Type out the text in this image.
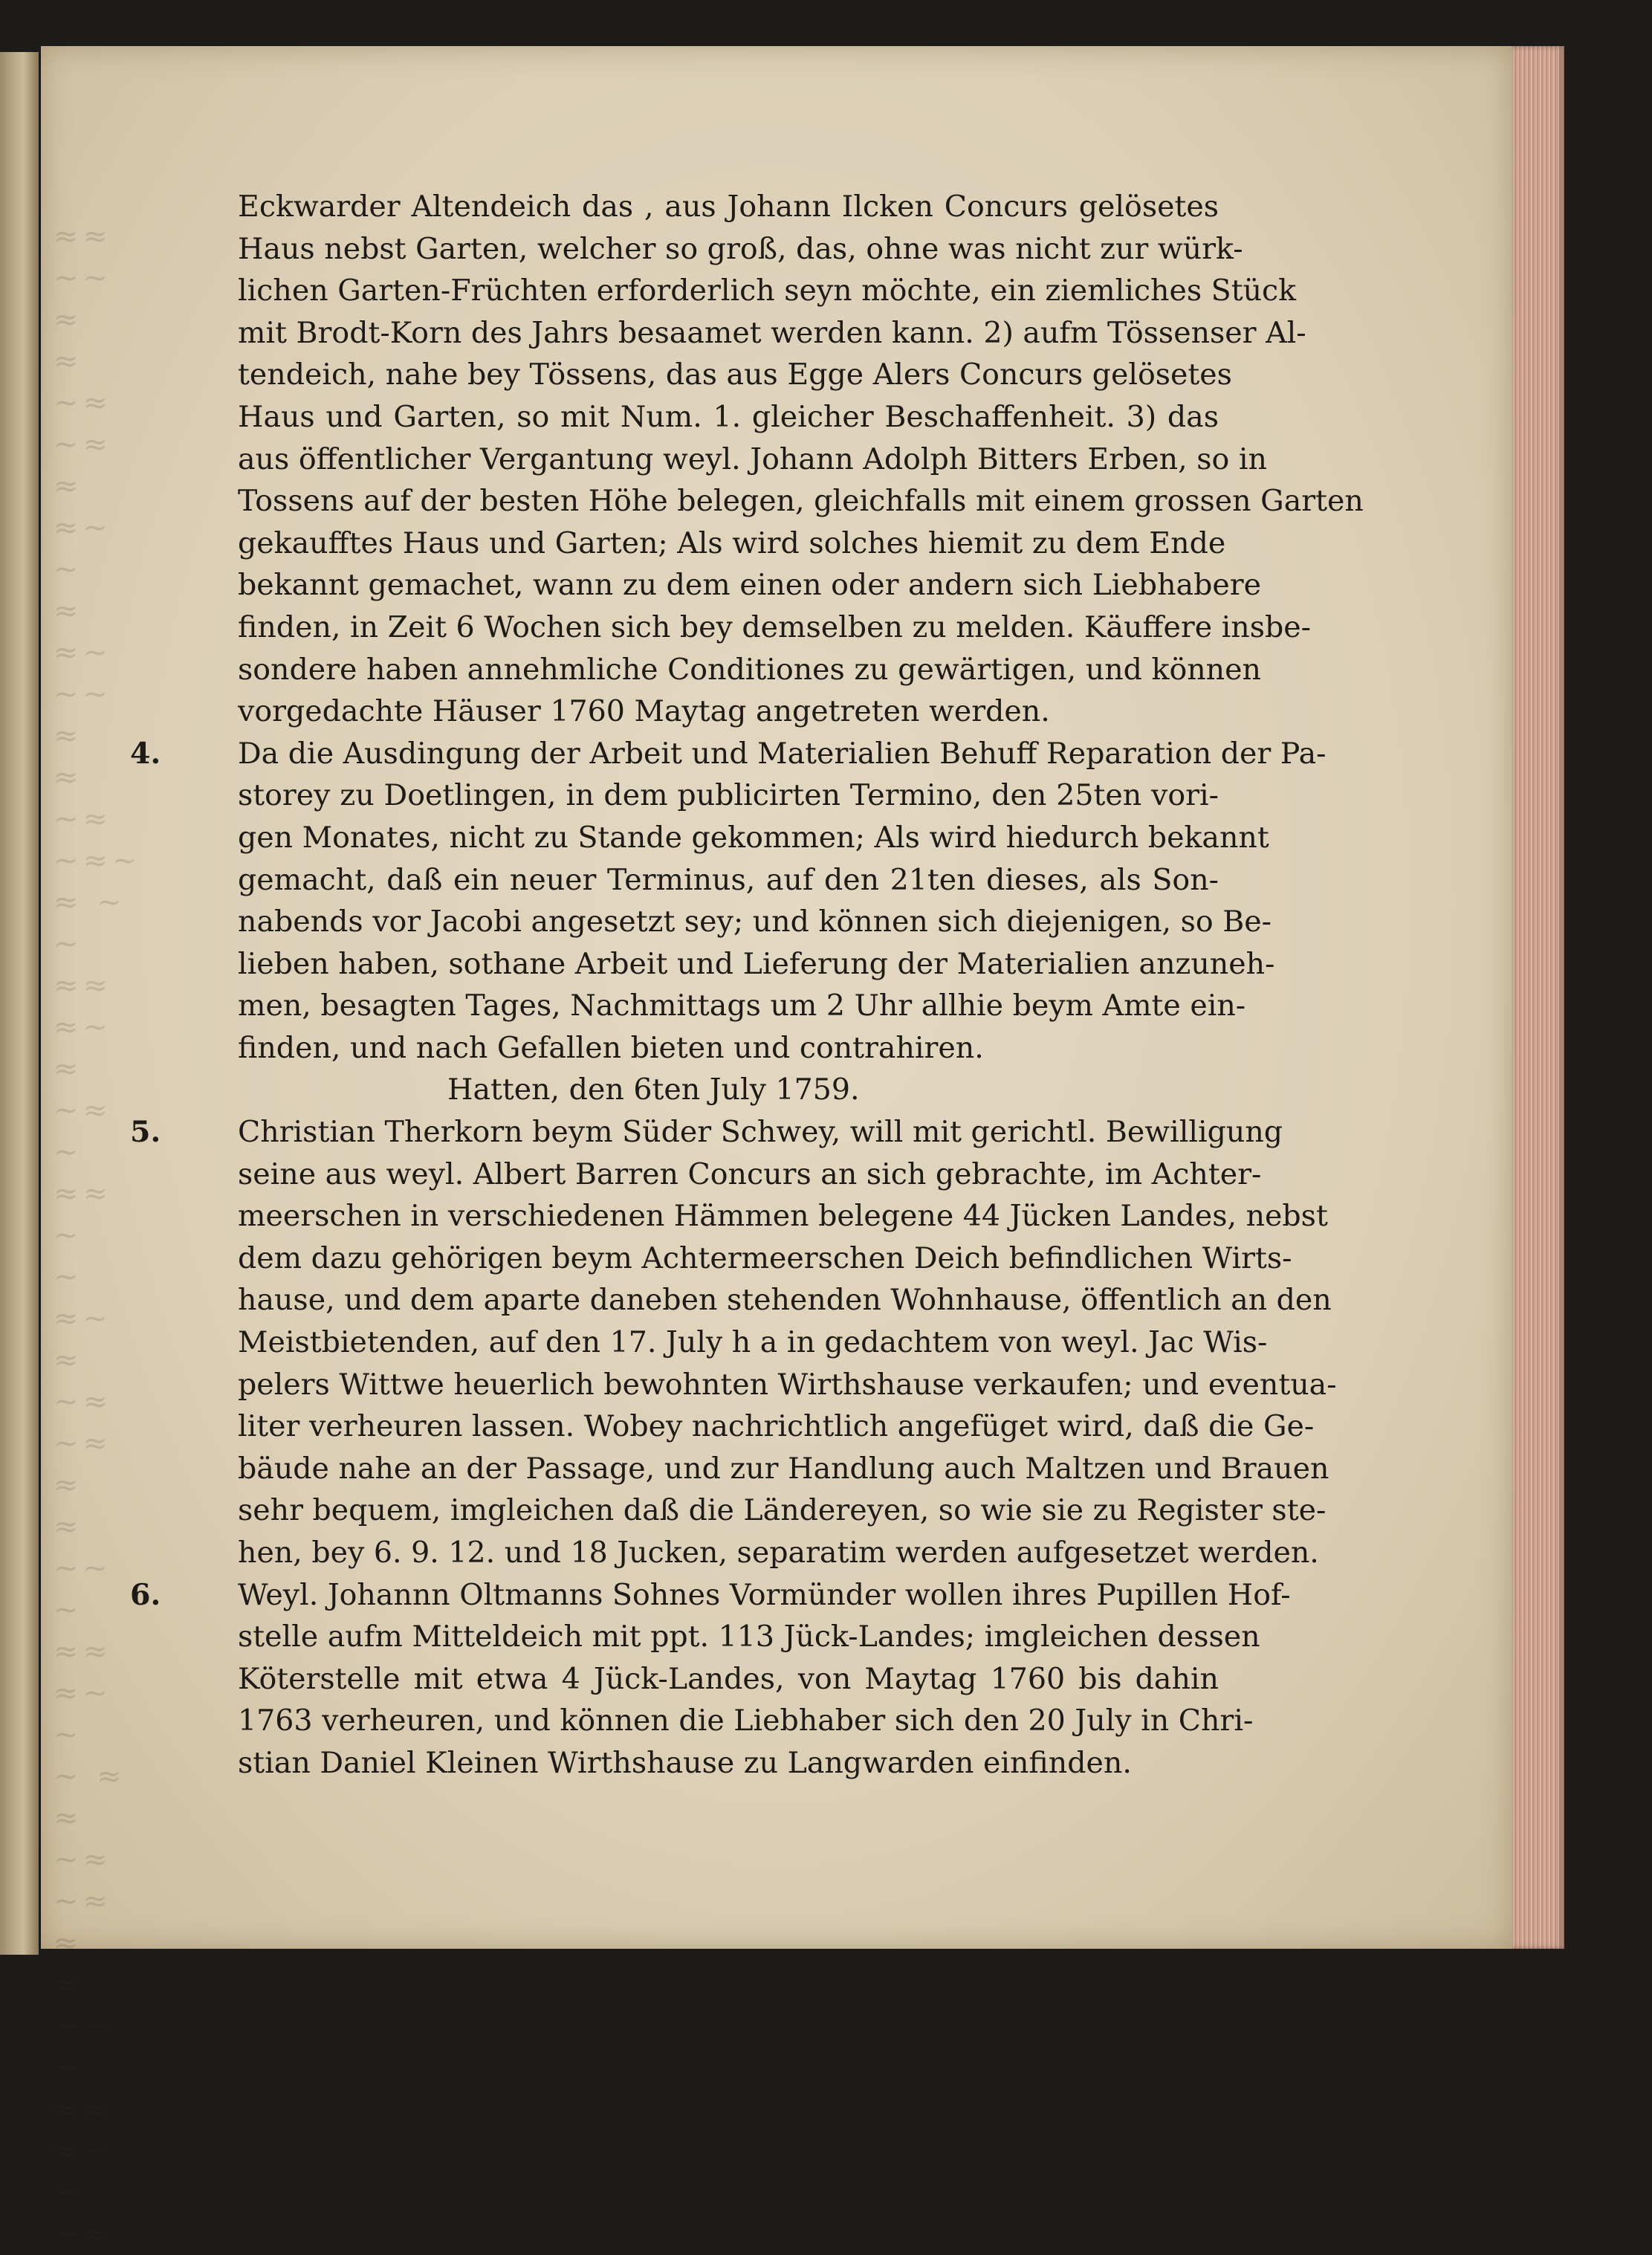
≈≈ ~~ ≈
≈ ~≈
~≈ ≈
≈~ ~
≈ ≈~
~~ ≈
≈ ~≈
~≈~
≈ ~
~ ≈≈
≈~ ≈
~≈ ~
≈≈ ~
~ ≈~
≈ ~≈
~≈ ≈
≈ ~~
~ ≈≈
≈~ ~
~ ≈
≈ ~≈
~≈ ≈
≈ ~~
~ ≈≈
≈~ ~
~≈

Eckwarder Altendeich das , aus Johann Ilcken Concurs gelösetes
Haus nebst Garten, welcher so groß, das, ohne was nicht zur würk-
lichen Garten-Früchten erforderlich seyn möchte, ein ziemliches Stück
mit Brodt-Korn des Jahrs besaamet werden kann. 2) aufm Tössenser Al-
tendeich, nahe bey Tössens, das aus Egge Alers Concurs gelösetes
Haus und Garten, so mit Num. 1. gleicher Beschaffenheit. 3) das
aus öffentlicher Vergantung weyl. Johann Adolph Bitters Erben, so in
Tossens auf der besten Höhe belegen, gleichfalls mit einem grossen Garten
gekaufftes Haus und Garten; Als wird solches hiemit zu dem Ende
bekannt gemachet, wann zu dem einen oder andern sich Liebhabere
finden, in Zeit 6 Wochen sich bey demselben zu melden. Käuffere insbe-
sondere haben annehmliche Conditiones zu gewärtigen, und können
vorgedachte Häuser 1760 Maytag angetreten werden.
Da die Ausdingung der Arbeit und Materialien Behuff Reparation der Pa-
storey zu Doetlingen, in dem publicirten Termino, den 25ten vori-
gen Monates, nicht zu Stande gekommen; Als wird hiedurch bekannt
gemacht, daß ein neuer Terminus, auf den 21ten dieses, als Son-
nabends vor Jacobi angesetzt sey; und können sich diejenigen, so Be-
lieben haben, sothane Arbeit und Lieferung der Materialien anzuneh-
men, besagten Tages, Nachmittags um 2 Uhr allhie beym Amte ein-
finden, und nach Gefallen bieten und contrahiren.
Hatten, den 6ten July 1759.
Christian Therkorn beym Süder Schwey, will mit gerichtl. Bewilligung
seine aus weyl. Albert Barren Concurs an sich gebrachte, im Achter-
meerschen in verschiedenen Hämmen belegene 44 Jücken Landes, nebst
dem dazu gehörigen beym Achtermeerschen Deich befindlichen Wirts-
hause, und dem aparte daneben stehenden Wohnhause, öffentlich an den
Meistbietenden, auf den 17. July h a in gedachtem von weyl. Jac Wis-
pelers Wittwe heuerlich bewohnten Wirthshause verkaufen; und eventua-
liter verheuren lassen. Wobey nachrichtlich angefüget wird, daß die Ge-
bäude nahe an der Passage, und zur Handlung auch Maltzen und Brauen
sehr bequem, imgleichen daß die Ländereyen, so wie sie zu Register ste-
hen, bey 6. 9. 12. und 18 Jucken, separatim werden aufgesetzet werden.
Weyl. Johannn Oltmanns Sohnes Vormünder wollen ihres Pupillen Hof-
stelle aufm Mitteldeich mit ppt. 113 Jück-Landes; imgleichen dessen
Köterstelle mit etwa 4 Jück-Landes, von Maytag 1760 bis dahin
1763 verheuren, und können die Liebhaber sich den 20 July in Chri-
stian Daniel Kleinen Wirthshause zu Langwarden einfinden.
